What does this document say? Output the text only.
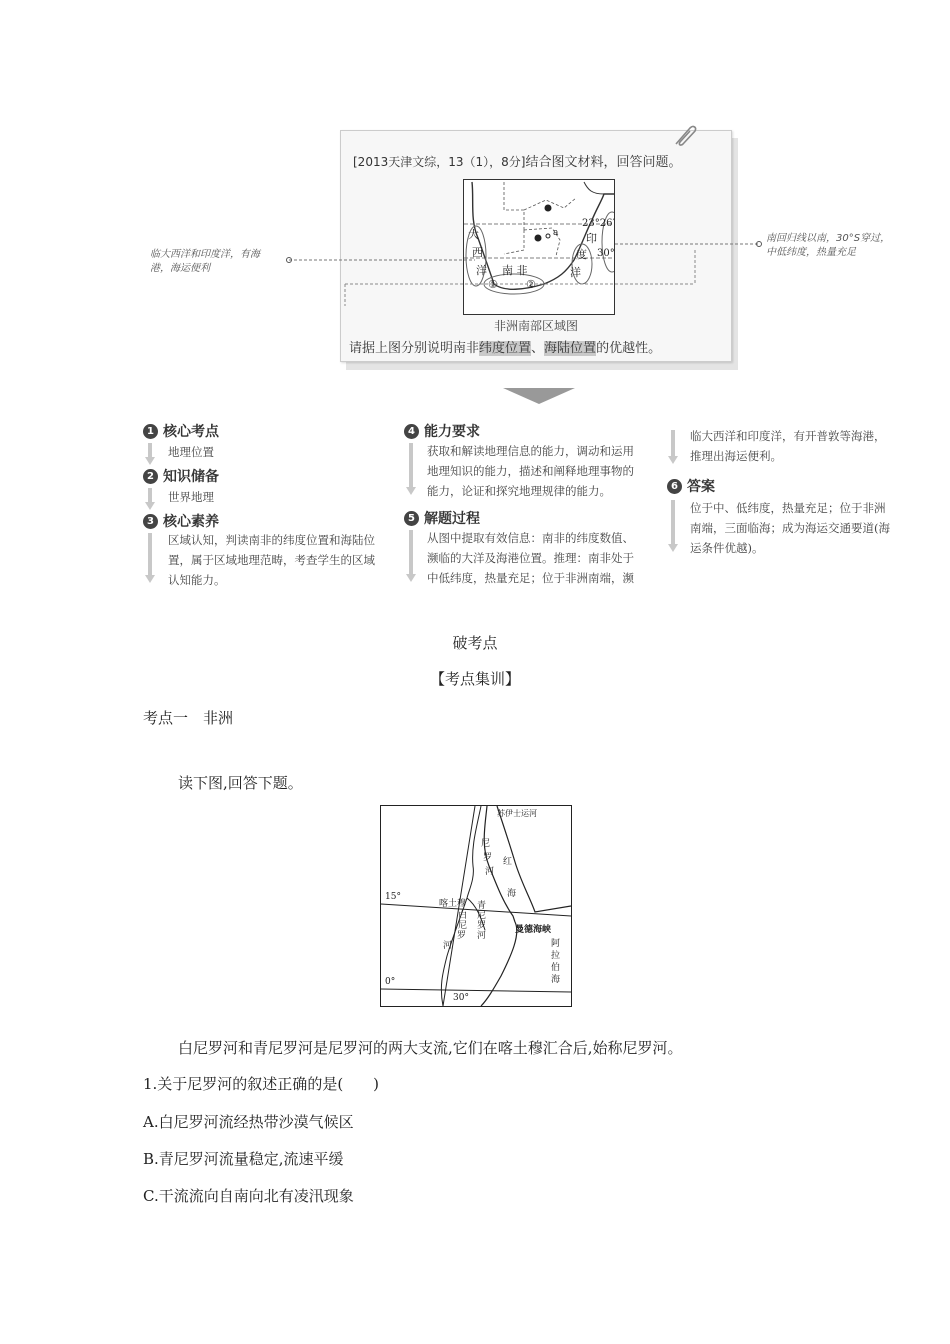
[2013天津文综，13（1），8分]结合图文材料，回答问题。
a
23°26′
30°
大
西
洋
印
度
洋
南 非
①	②
非洲南部区域图
请据上图分别说明南非纬度位置、海陆位置的优越性。
临大西洋和印度洋，有海
港，海运便利
南回归线以南，30°S穿过，
中低纬度，热量充足
1 核心考点
地理位置
2 知识储备
世界地理
3 核心素养
区域认知，判读南非的纬度位置和海陆位
置，属于区域地理范畴，考查学生的区域
认知能力。
4 能力要求
获取和解读地理信息的能力，调动和运用
地理知识的能力，描述和阐释地理事物的
能力，论证和探究地理规律的能力。
5 解题过程
从图中提取有效信息：南非的纬度数值、
濒临的大洋及海港位置。推理：南非处于
中低纬度，热量充足；位于非洲南端，濒
临大西洋和印度洋，有开普敦等海港，
推理出海运便利。
6 答案
位于中、低纬度，热量充足；位于非洲
南端，三面临海；成为海运交通要道(海
运条件优越)。
破考点
【考点集训】
考点一　非洲
读下图,回答下题。
苏伊士运河
尼
罗
河
红
海
15°
喀土穆
白
尼
罗
河
青
尼
罗
河
曼德海峡
阿
拉
伯
海
0°
30°
白尼罗河和青尼罗河是尼罗河的两大支流,它们在喀土穆汇合后,始称尼罗河。
1.关于尼罗河的叙述正确的是(　　)
A.白尼罗河流经热带沙漠气候区
B.青尼罗河流量稳定,流速平缓
C.干流流向自南向北有凌汛现象
